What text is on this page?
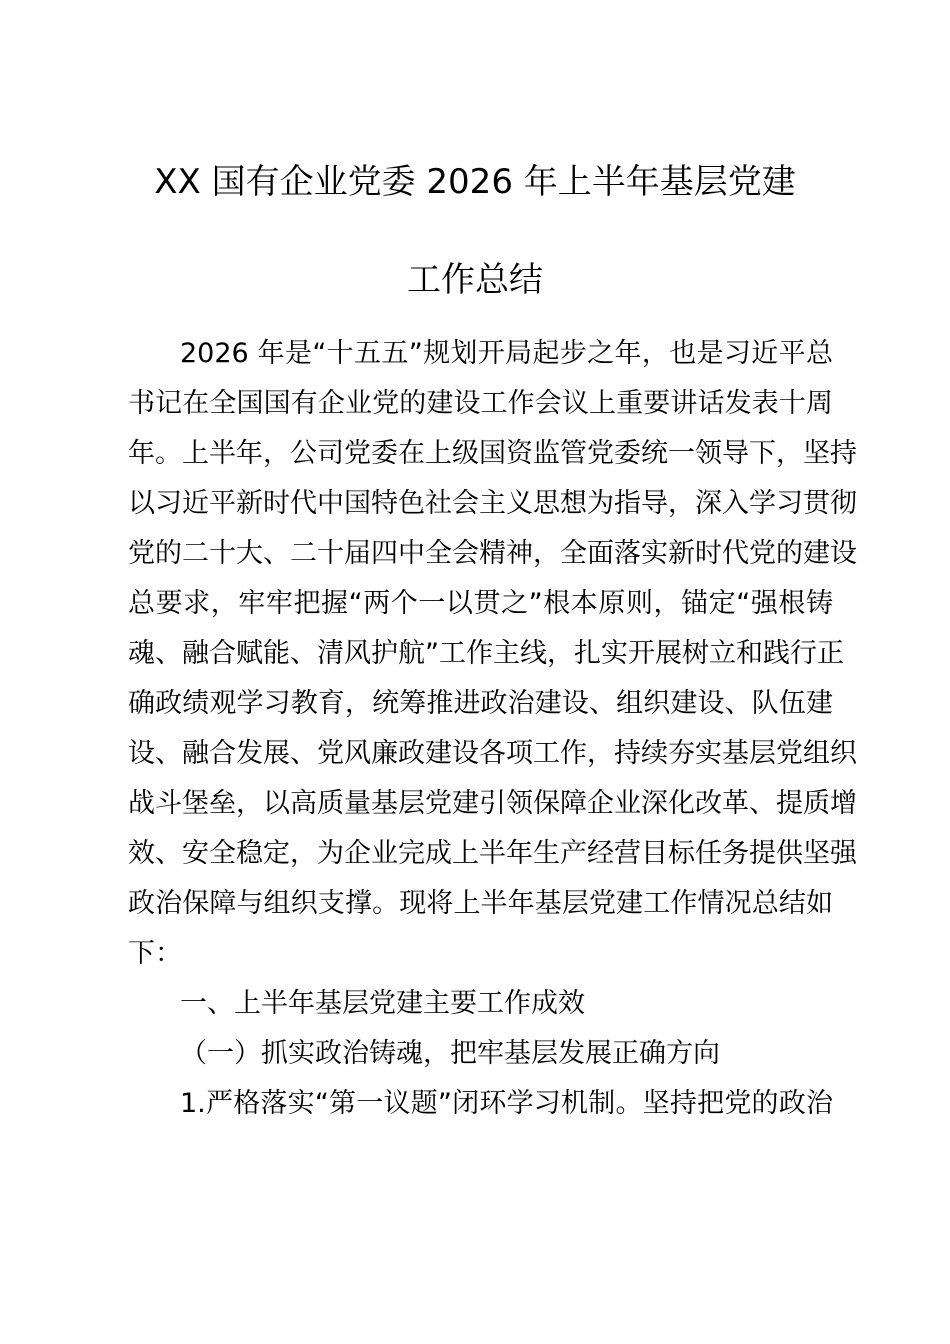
XX 国有企业党委 2026 年上半年基层党建
工作总结
2026 年是“十五五”规划开局起步之年，也是习近平总
书记在全国国有企业党的建设工作会议上重要讲话发表十周
年。上半年，公司党委在上级国资监管党委统一领导下，坚持
以习近平新时代中国特色社会主义思想为指导，深入学习贯彻
党的二十大、二十届四中全会精神，全面落实新时代党的建设
总要求，牢牢把握“两个一以贯之”根本原则，锚定“强根铸
魂、融合赋能、清风护航”工作主线，扎实开展树立和践行正
确政绩观学习教育，统筹推进政治建设、组织建设、队伍建
设、融合发展、党风廉政建设各项工作，持续夯实基层党组织
战斗堡垒，以高质量基层党建引领保障企业深化改革、提质增
效、安全稳定，为企业完成上半年生产经营目标任务提供坚强
政治保障与组织支撑。现将上半年基层党建工作情况总结如
下：
一、上半年基层党建主要工作成效
（一）抓实政治铸魂，把牢基层发展正确方向
1.严格落实“第一议题”闭环学习机制。坚持把党的政治
